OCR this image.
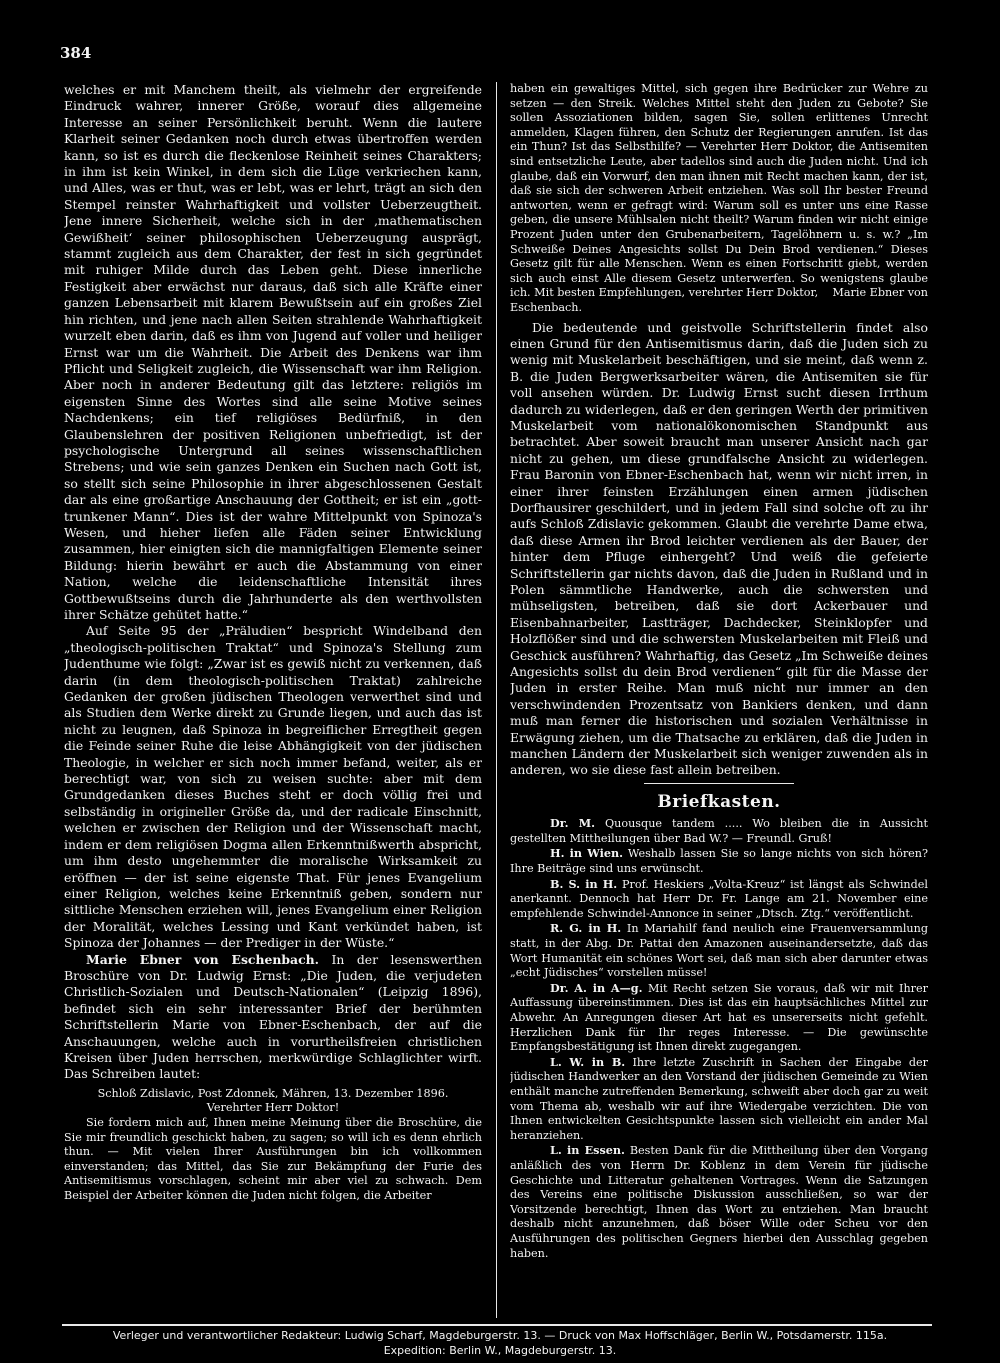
384

welches er mit Manchem theilt, als vielmehr der ergreifende Eindruck wahrer, innerer Größe, worauf dies allgemeine Interesse an seiner Persönlichkeit beruht. Wenn die lautere Klarheit seiner Gedanken noch durch etwas übertroffen werden kann, so ist es durch die fleckenlose Reinheit seines Charakters; in ihm ist kein Winkel, in dem sich die Lüge verkriechen kann, und Alles, was er thut, was er lebt, was er lehrt, trägt an sich den Stempel reinster Wahrhaftigkeit und vollster Ueberzeugtheit. Jene innere Sicherheit, welche sich in der ‚mathematischen Gewißheit‘ seiner philosophischen Ueberzeugung ausprägt, stammt zugleich aus dem Charakter, der fest in sich gegründet mit ruhiger Milde durch das Leben geht. Diese innerliche Festigkeit aber erwächst nur daraus, daß sich alle Kräfte einer ganzen Lebensarbeit mit klarem Bewußtsein auf ein großes Ziel hin richten, und jene nach allen Seiten strahlende Wahrhaftigkeit wurzelt eben darin, daß es ihm von Jugend auf voller und heiliger Ernst war um die Wahrheit. Die Arbeit des Denkens war ihm Pflicht und Seligkeit zugleich, die Wissenschaft war ihm Religion. Aber noch in anderer Bedeutung gilt das letztere: religiös im eigensten Sinne des Wortes sind alle seine Motive seines Nachdenkens; ein tief religiöses Bedürfniß, in den Glaubenslehren der positiven Religionen unbefriedigt, ist der psychologische Untergrund all seines wissenschaftlichen Strebens; und wie sein ganzes Denken ein Suchen nach Gott ist, so stellt sich seine Philosophie in ihrer abgeschlossenen Gestalt dar als eine großartige Anschauung der Gottheit; er ist ein „gott-trunkener Mann“. Dies ist der wahre Mittelpunkt von Spinoza's Wesen, und hieher liefen alle Fäden seiner Entwicklung zusammen, hier einigten sich die mannigfaltigen Elemente seiner Bildung: hierin bewährt er auch die Abstammung von einer Nation, welche die leidenschaftliche Intensität ihres Gottbewußtseins durch die Jahrhunderte als den werthvollsten ihrer Schätze gehütet hatte.“

Auf Seite 95 der „Präludien“ bespricht Windelband den „theologisch-politischen Traktat“ und Spinoza's Stellung zum Judenthume wie folgt: „Zwar ist es gewiß nicht zu verkennen, daß darin (in dem theologisch-politischen Traktat) zahlreiche Gedanken der großen jüdischen Theologen verwerthet sind und als Studien dem Werke direkt zu Grunde liegen, und auch das ist nicht zu leugnen, daß Spinoza in begreiflicher Erregtheit gegen die Feinde seiner Ruhe die leise Abhängigkeit von der jüdischen Theologie, in welcher er sich noch immer befand, weiter, als er berechtigt war, von sich zu weisen suchte: aber mit dem Grundgedanken dieses Buches steht er doch völlig frei und selbständig in origineller Größe da, und der radicale Einschnitt, welchen er zwischen der Religion und der Wissenschaft macht, indem er dem religiösen Dogma allen Erkenntnißwerth abspricht, um ihm desto ungehemmter die moralische Wirksamkeit zu eröffnen — der ist seine eigenste That. Für jenes Evangelium einer Religion, welches keine Erkenntniß geben, sondern nur sittliche Menschen erziehen will, jenes Evangelium einer Religion der Moralität, welches Lessing und Kant verkündet haben, ist Spinoza der Johannes — der Prediger in der Wüste.“

Marie Ebner von Eschenbach. In der lesenswerthen Broschüre von Dr. Ludwig Ernst: „Die Juden, die verjudeten Christlich-Sozialen und Deutsch-Nationalen“ (Leipzig 1896), befindet sich ein sehr interessanter Brief der berühmten Schriftstellerin Marie von Ebner-Eschenbach, der auf die Anschauungen, welche auch in vorurtheilsfreien christlichen Kreisen über Juden herrschen, merkwürdige Schlaglichter wirft. Das Schreiben lautet:

Schloß Zdislavic, Post Zdonnek, Mähren, 13. Dezember 1896.

Verehrter Herr Doktor!

Sie fordern mich auf, Ihnen meine Meinung über die Broschüre, die Sie mir freundlich geschickt haben, zu sagen; so will ich es denn ehrlich thun. — Mit vielen Ihrer Ausführungen bin ich vollkommen einverstanden; das Mittel, das Sie zur Bekämpfung der Furie des Antisemitismus vorschlagen, scheint mir aber viel zu schwach. Dem Beispiel der Arbeiter können die Juden nicht folgen, die Arbeiter

haben ein gewaltiges Mittel, sich gegen ihre Bedrücker zur Wehre zu setzen — den Streik. Welches Mittel steht den Juden zu Gebote? Sie sollen Assoziationen bilden, sagen Sie, sollen erlittenes Unrecht anmelden, Klagen führen, den Schutz der Regierungen anrufen. Ist das ein Thun? Ist das Selbsthilfe? — Verehrter Herr Doktor, die Antisemiten sind entsetzliche Leute, aber tadellos sind auch die Juden nicht. Und ich glaube, daß ein Vorwurf, den man ihnen mit Recht machen kann, der ist, daß sie sich der schweren Arbeit entziehen. Was soll Ihr bester Freund antworten, wenn er gefragt wird: Warum soll es unter uns eine Rasse geben, die unsere Mühlsalen nicht theilt? Warum finden wir nicht einige Prozent Juden unter den Grubenarbeitern, Tagelöhnern u. s. w.? „Im Schweiße Deines Angesichts sollst Du Dein Brod verdienen.“ Dieses Gesetz gilt für alle Menschen. Wenn es einen Fortschritt giebt, werden sich auch einst Alle diesem Gesetz unterwerfen. So wenigstens glaube ich. Mit besten Empfehlungen, verehrter Herr Doktor, Marie Ebner von Eschenbach.

Die bedeutende und geistvolle Schriftstellerin findet also einen Grund für den Antisemitismus darin, daß die Juden sich zu wenig mit Muskelarbeit beschäftigen, und sie meint, daß wenn z. B. die Juden Bergwerksarbeiter wären, die Antisemiten sie für voll ansehen würden. Dr. Ludwig Ernst sucht diesen Irrthum dadurch zu widerlegen, daß er den geringen Werth der primitiven Muskelarbeit vom nationalökonomischen Standpunkt aus betrachtet. Aber soweit braucht man unserer Ansicht nach gar nicht zu gehen, um diese grundfalsche Ansicht zu widerlegen. Frau Baronin von Ebner-Eschenbach hat, wenn wir nicht irren, in einer ihrer feinsten Erzählungen einen armen jüdischen Dorfhausirer geschildert, und in jedem Fall sind solche oft zu ihr aufs Schloß Zdislavic gekommen. Glaubt die verehrte Dame etwa, daß diese Armen ihr Brod leichter verdienen als der Bauer, der hinter dem Pfluge einhergeht? Und weiß die gefeierte Schriftstellerin gar nichts davon, daß die Juden in Rußland und in Polen sämmtliche Handwerke, auch die schwersten und mühseligsten, betreiben, daß sie dort Ackerbauer und Eisenbahnarbeiter, Lastträger, Dachdecker, Steinklopfer und Holzflößer sind und die schwersten Muskelarbeiten mit Fleiß und Geschick ausführen? Wahrhaftig, das Gesetz „Im Schweiße deines Angesichts sollst du dein Brod verdienen“ gilt für die Masse der Juden in erster Reihe. Man muß nicht nur immer an den verschwindenden Prozentsatz von Bankiers denken, und dann muß man ferner die historischen und sozialen Verhältnisse in Erwägung ziehen, um die Thatsache zu erklären, daß die Juden in manchen Ländern der Muskelarbeit sich weniger zuwenden als in anderen, wo sie diese fast allein betreiben.

Briefkasten.

Dr. M. Quousque tandem ..... Wo bleiben die in Aussicht gestellten Mittheilungen über Bad W.? — Freundl. Gruß!

H. in Wien. Weshalb lassen Sie so lange nichts von sich hören? Ihre Beiträge sind uns erwünscht.

B. S. in H. Prof. Heskiers „Volta-Kreuz“ ist längst als Schwindel anerkannt. Dennoch hat Herr Dr. Fr. Lange am 21. November eine empfehlende Schwindel-Annonce in seiner „Dtsch. Ztg.“ veröffentlicht.

R. G. in H. In Mariahilf fand neulich eine Frauenversammlung statt, in der Abg. Dr. Pattai den Amazonen auseinandersetzte, daß das Wort Humanität ein schönes Wort sei, daß man sich aber darunter etwas „echt Jüdisches“ vorstellen müsse!

Dr. A. in A—g. Mit Recht setzen Sie voraus, daß wir mit Ihrer Auffassung übereinstimmen. Dies ist das ein hauptsächliches Mittel zur Abwehr. An Anregungen dieser Art hat es unsererseits nicht gefehlt. Herzlichen Dank für Ihr reges Interesse. — Die gewünschte Empfangsbestätigung ist Ihnen direkt zugegangen.

L. W. in B. Ihre letzte Zuschrift in Sachen der Eingabe der jüdischen Handwerker an den Vorstand der jüdischen Gemeinde zu Wien enthält manche zutreffenden Bemerkung, schweift aber doch gar zu weit vom Thema ab, weshalb wir auf ihre Wiedergabe verzichten. Die von Ihnen entwickelten Gesichtspunkte lassen sich vielleicht ein ander Mal heranziehen.

L. in Essen. Besten Dank für die Mittheilung über den Vorgang anläßlich des von Herrn Dr. Koblenz in dem Verein für jüdische Geschichte und Litteratur gehaltenen Vortrages. Wenn die Satzungen des Vereins eine politische Diskussion ausschließen, so war der Vorsitzende berechtigt, Ihnen das Wort zu entziehen. Man braucht deshalb nicht anzunehmen, daß böser Wille oder Scheu vor den Ausführungen des politischen Gegners hierbei den Ausschlag gegeben haben.

Verleger und verantwortlicher Redakteur: Ludwig Scharf, Magdeburgerstr. 13. — Druck von Max Hoffschläger, Berlin W., Potsdamerstr. 115a.

Expedition: Berlin W., Magdeburgerstr. 13.
